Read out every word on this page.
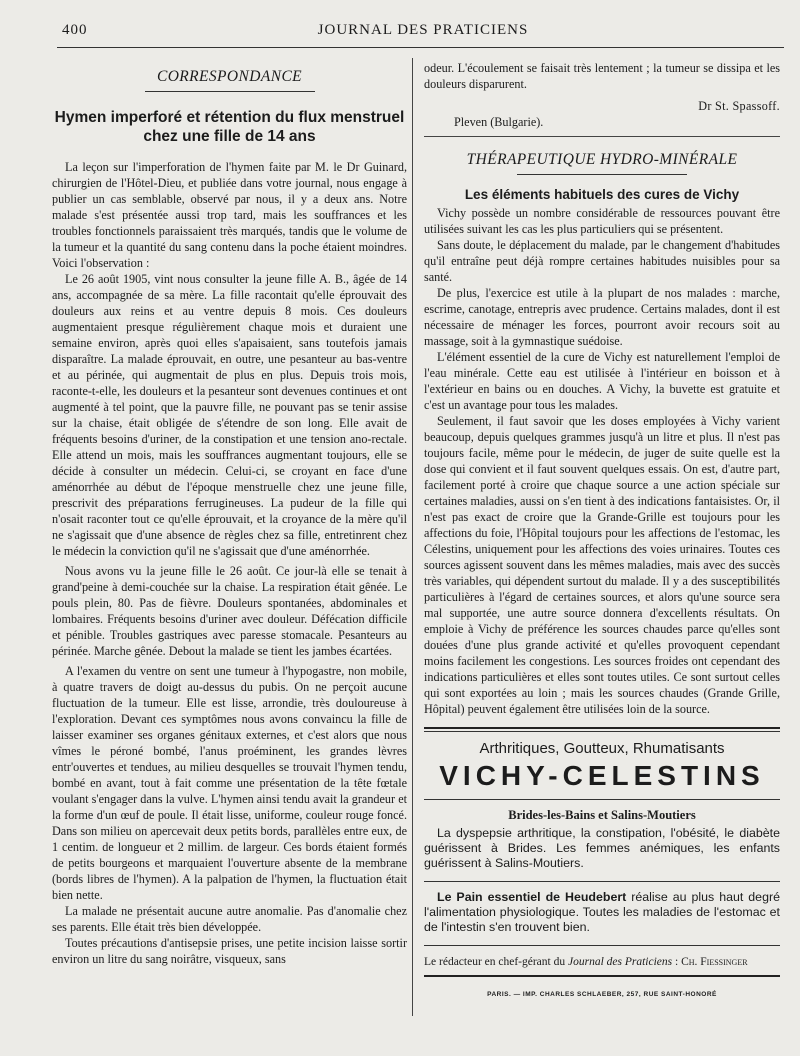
400	JOURNAL DES PRATICIENS
CORRESPONDANCE
Hymen imperforé et rétention du flux menstruel
chez une fille de 14 ans

La leçon sur l'imperforation de l'hymen faite par M. le Dr Guinard, chirurgien de l'Hôtel-Dieu, et publiée dans votre journal, nous engage à publier un cas semblable, observé par nous, il y a deux ans. Notre malade s'est présentée aussi trop tard, mais les souffrances et les troubles fonctionnels paraissaient très marqués, tandis que le volume de la tumeur et la quantité du sang contenu dans la poche étaient moindres. Voici l'observation :

Le 26 août 1905, vint nous consulter la jeune fille A. B., âgée de 14 ans, accompagnée de sa mère. La fille racontait qu'elle éprouvait des douleurs aux reins et au ventre depuis 8 mois. Ces douleurs augmentaient presque régulièrement chaque mois et duraient une semaine environ, après quoi elles s'apaisaient, sans toutefois jamais disparaître. La malade éprouvait, en outre, une pesanteur au bas-ventre et au périnée, qui augmentait de plus en plus. Depuis trois mois, raconte-t-elle, les douleurs et la pesanteur sont devenues continues et ont augmenté à tel point, que la pauvre fille, ne pouvant pas se tenir assise sur la chaise, était obligée de s'étendre de son long. Elle avait de fréquents besoins d'uriner, de la constipation et une tension ano-rectale. Elle attend un mois, mais les souffrances augmentant toujours, elle se décide à consulter un médecin. Celui-ci, se croyant en face d'une aménorrhée au début de l'époque menstruelle chez une jeune fille, prescrivit des préparations ferrugineuses. La pudeur de la fille qui n'osait raconter tout ce qu'elle éprouvait, et la croyance de la mère qu'il ne s'agissait que d'une absence de règles chez sa fille, entretinrent chez le médecin la conviction qu'il ne s'agissait que d'une aménorrhée.

Nous avons vu la jeune fille le 26 août. Ce jour-là elle se tenait à grand'peine à demi-couchée sur la chaise. La respiration était gênée. Le pouls plein, 80. Pas de fièvre. Douleurs spontanées, abdominales et lombaires. Fréquents besoins d'uriner avec douleur. Défécation difficile et pénible. Troubles gastriques avec paresse stomacale. Pesanteurs au périnée. Marche gênée. Debout la malade se tient les jambes écartées.

A l'examen du ventre on sent une tumeur à l'hypogastre, non mobile, à quatre travers de doigt au-dessus du pubis. On ne perçoit aucune fluctuation de la tumeur. Elle est lisse, arrondie, très douloureuse à l'exploration. Devant ces symptômes nous avons convaincu la fille de laisser examiner ses organes génitaux externes, et c'est alors que nous vîmes le péroné bombé, l'anus proéminent, les grandes lèvres entr'ouvertes et tendues, au milieu desquelles se trouvait l'hymen tendu, bombé en avant, tout à fait comme une présentation de la tête fœtale voulant s'engager dans la vulve. L'hymen ainsi tendu avait la grandeur et la forme d'un œuf de poule. Il était lisse, uniforme, couleur rouge foncé. Dans son milieu on apercevait deux petits bords, parallèles entre eux, de 1 centim. de longueur et 2 millim. de largeur. Ces bords étaient formés de petits bourgeons et marquaient l'ouverture absente de la membrane (bords libres de l'hymen). A la palpation de l'hymen, la fluctuation était bien nette.

La malade ne présentait aucune autre anomalie. Pas d'anomalie chez ses parents. Elle était très bien développée.

Toutes précautions d'antisepsie prises, une petite incision laisse sortir environ un litre du sang noirâtre, visqueux, sans

odeur. L'écoulement se faisait très lentement ; la tumeur se dissipa et les douleurs disparurent.

Dr St. Spassoff.

Pleven (Bulgarie).

THÉRAPEUTIQUE HYDRO-MINÉRALE
Les éléments habituels des cures de Vichy

Vichy possède un nombre considérable de ressources pouvant être utilisées suivant les cas les plus particuliers qui se présentent.

Sans doute, le déplacement du malade, par le changement d'habitudes qu'il entraîne peut déjà rompre certaines habitudes nuisibles pour sa santé.

De plus, l'exercice est utile à la plupart de nos malades : marche, escrime, canotage, entrepris avec prudence. Certains malades, dont il est nécessaire de ménager les forces, pourront avoir recours soit au massage, soit à la gymnastique suédoise.

L'élément essentiel de la cure de Vichy est naturellement l'emploi de l'eau minérale. Cette eau est utilisée à l'intérieur en boisson et à l'extérieur en bains ou en douches. A Vichy, la buvette est gratuite et c'est un avantage pour tous les malades.

Seulement, il faut savoir que les doses employées à Vichy varient beaucoup, depuis quelques grammes jusqu'à un litre et plus. Il n'est pas toujours facile, même pour le médecin, de juger de suite quelle est la dose qui convient et il faut souvent quelques essais. On est, d'autre part, facilement porté à croire que chaque source a une action spéciale sur certaines maladies, aussi on s'en tient à des indications fantaisistes. Or, il n'est pas exact de croire que la Grande-Grille est toujours pour les affections du foie, l'Hôpital toujours pour les affections de l'estomac, les Célestins, uniquement pour les affections des voies urinaires. Toutes ces sources agissent souvent dans les mêmes maladies, mais avec des succès très variables, qui dépendent surtout du malade. Il y a des susceptibilités particulières à l'égard de certaines sources, et alors qu'une source sera mal supportée, une autre source donnera d'excellents résultats. On emploie à Vichy de préférence les sources chaudes parce qu'elles sont douées d'une plus grande activité et qu'elles provoquent cependant moins facilement les congestions. Les sources froides ont cependant des indications particulières et elles sont toutes utiles. Ce sont surtout celles qui sont exportées au loin ; mais les sources chaudes (Grande Grille, Hôpital) peuvent également être utilisées loin de la source.

Arthritiques, Goutteux, Rhumatisants
VICHY-CELESTINS
Brides-les-Bains et Salins-Moutiers

La dyspepsie arthritique, la constipation, l'obésité, le diabète guérissent à Brides. Les femmes anémiques, les enfants guérissent à Salins-Moutiers.

Le Pain essentiel de Heudebert réalise au plus haut degré l'alimentation physiologique. Toutes les maladies de l'estomac et de l'intestin s'en trouvent bien.

Le rédacteur en chef-gérant du Journal des Praticiens : Ch. Fiessinger

PARIS. — IMP. CHARLES SCHLAEBER, 257, RUE SAINT-HONORÉ
